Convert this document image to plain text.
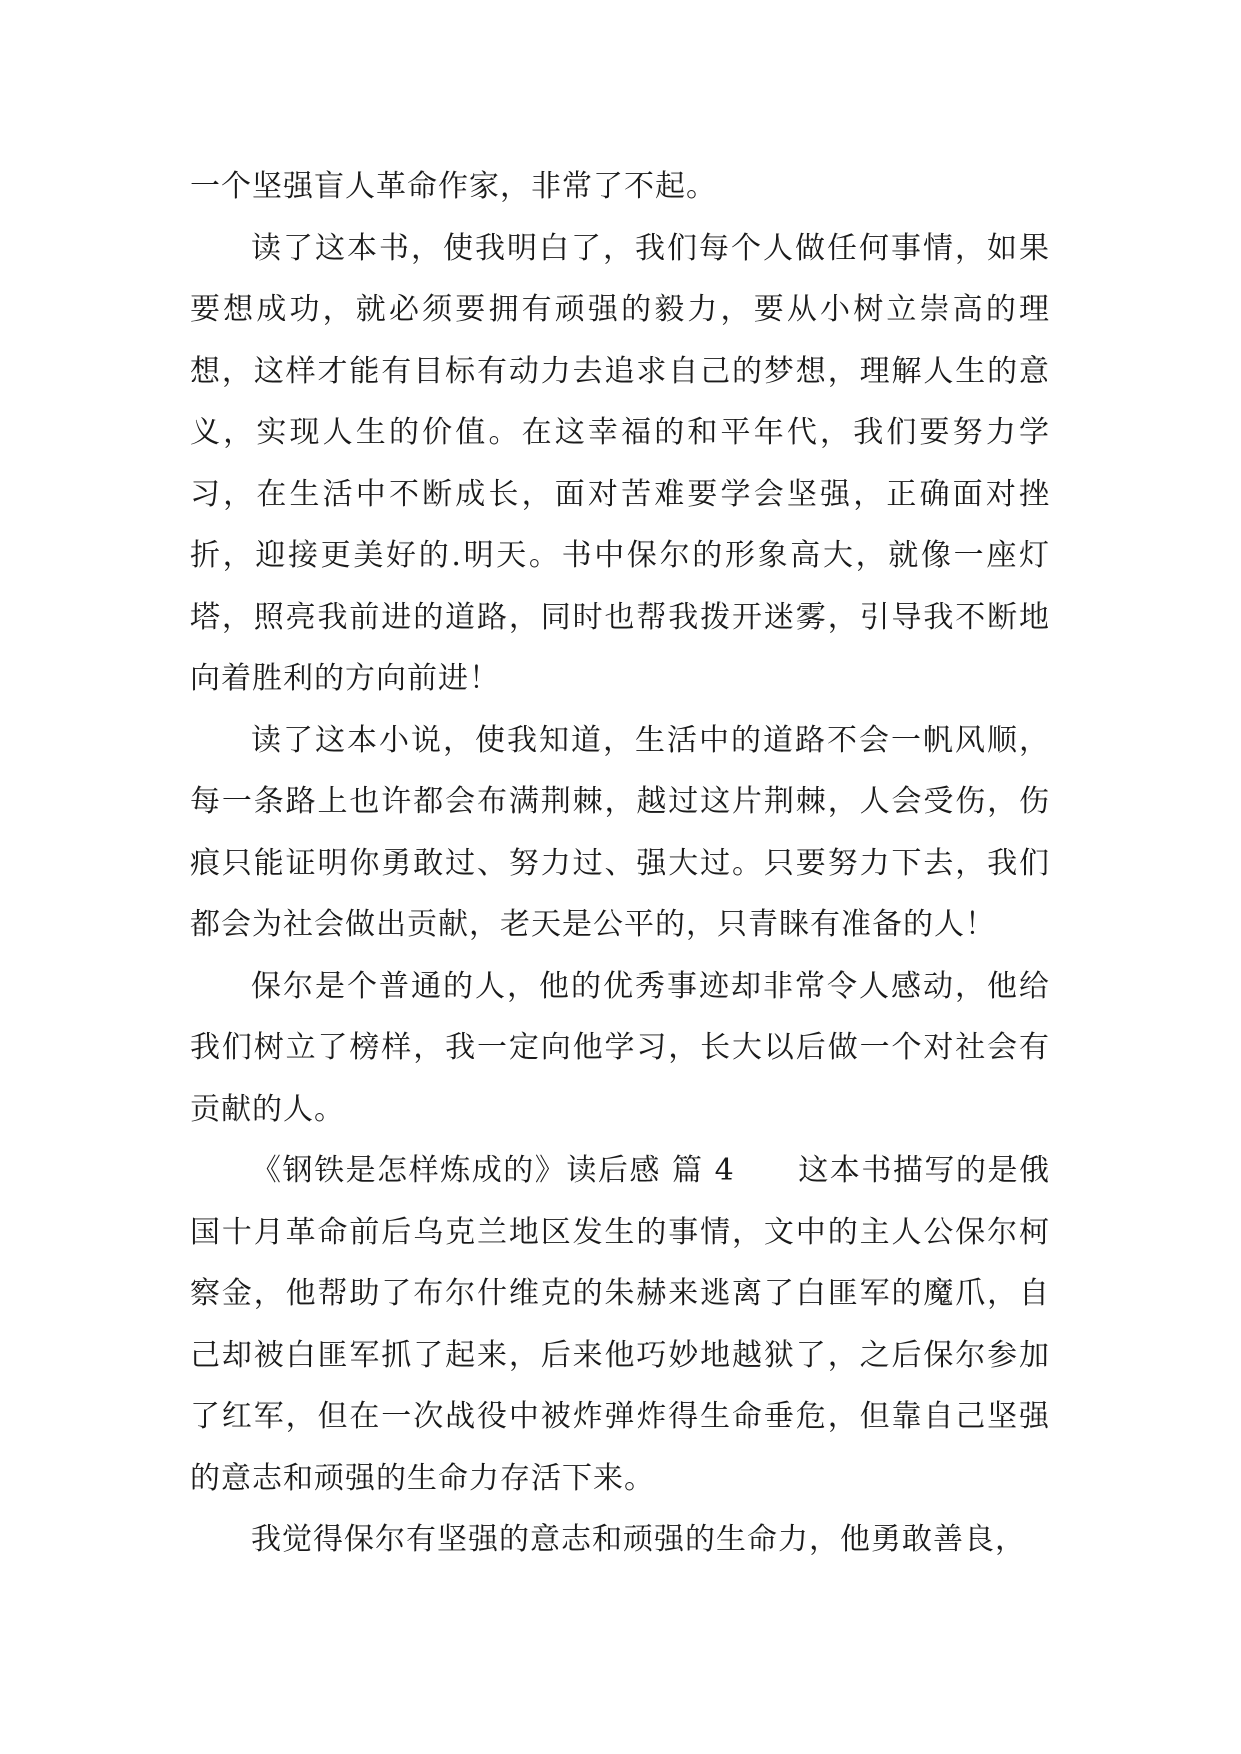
一个坚强盲人革命作家，非常了不起。

读了这本书，使我明白了，我们每个人做任何事情，如果要想成功，就必须要拥有顽强的毅力，要从小树立崇高的理想，这样才能有目标有动力去追求自己的梦想，理解人生的意义，实现人生的价值。在这幸福的和平年代，我们要努力学习，在生活中不断成长，面对苦难要学会坚强，正确面对挫折，迎接更美好的.明天。书中保尔的形象高大，就像一座灯塔，照亮我前进的道路，同时也帮我拨开迷雾，引导我不断地向着胜利的方向前进！

读了这本小说，使我知道，生活中的道路不会一帆风顺，每一条路上也许都会布满荆棘，越过这片荆棘，人会受伤，伤痕只能证明你勇敢过、努力过、强大过。只要努力下去，我们都会为社会做出贡献，老天是公平的，只青睐有准备的人！

保尔是个普通的人，他的优秀事迹却非常令人感动，他给我们树立了榜样，我一定向他学习，长大以后做一个对社会有贡献的人。

《钢铁是怎样炼成的》读后感 篇 4　　这本书描写的是俄国十月革命前后乌克兰地区发生的事情，文中的主人公保尔柯察金，他帮助了布尔什维克的朱赫来逃离了白匪军的魔爪，自己却被白匪军抓了起来，后来他巧妙地越狱了，之后保尔参加了红军，但在一次战役中被炸弹炸得生命垂危，但靠自己坚强的意志和顽强的生命力存活下来。

我觉得保尔有坚强的意志和顽强的生命力，他勇敢善良，
